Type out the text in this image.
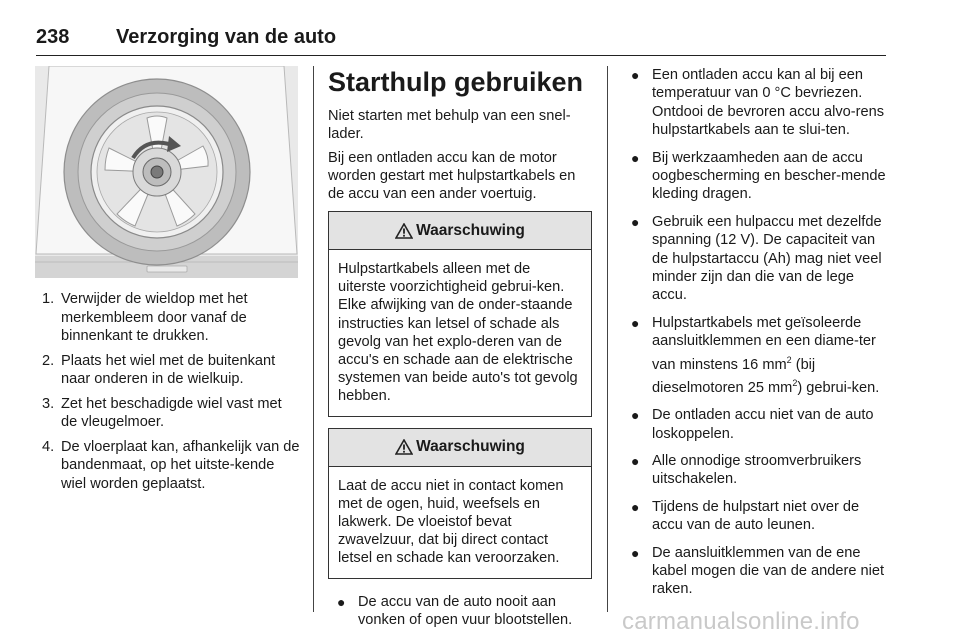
238 Verzorging van de auto
1. Verwijder de wieldop met het merkembleem door vanaf de binnenkant te drukken.
2. Plaats het wiel met de buitenkant naar onderen in de wielkuip.
3. Zet het beschadigde wiel vast met de vleugelmoer.
4. De vloerplaat kan, afhankelijk van de bandenmaat, op het uitste-kende wiel worden geplaatst.
Starthulp gebruiken

Niet starten met behulp van een snel-lader.

Bij een ontladen accu kan de motor worden gestart met hulpstartkabels en de accu van een ander voertuig.

Waarschuwing
Hulpstartkabels alleen met de uiterste voorzichtigheid gebrui-ken. Elke afwijking van de onder-staande instructies kan letsel of schade als gevolg van het explo-deren van de accu's en schade aan de elektrische systemen van beide auto's tot gevolg hebben.
Waarschuwing
Laat de accu niet in contact komen met de ogen, huid, weefsels en lakwerk. De vloeistof bevat zwavelzuur, dat bij direct contact letsel en schade kan veroorzaken.
● De accu van de auto nooit aan vonken of open vuur blootstellen.
● Een ontladen accu kan al bij een temperatuur van 0 °C bevriezen. Ontdooi de bevroren accu alvo-rens hulpstartkabels aan te slui-ten.
● Bij werkzaamheden aan de accu oogbescherming en bescher-mende kleding dragen.
● Gebruik een hulpaccu met dezelfde spanning (12 V). De capaciteit van de hulpstartaccu (Ah) mag niet veel minder zijn dan die van de lege accu.
● Hulpstartkabels met geïsoleerde aansluitklemmen en een diame-ter van minstens 16 $mm^2$ (bij dieselmotoren 25 $mm^2$) gebrui-ken.
● De ontladen accu niet van de auto loskoppelen.
● Alle onnodige stroomverbruikers uitschakelen.
● Tijdens de hulpstart niet over de accu van de auto leunen.
● De aansluitklemmen van de ene kabel mogen die van de andere niet raken.
carmanualsonline.info
